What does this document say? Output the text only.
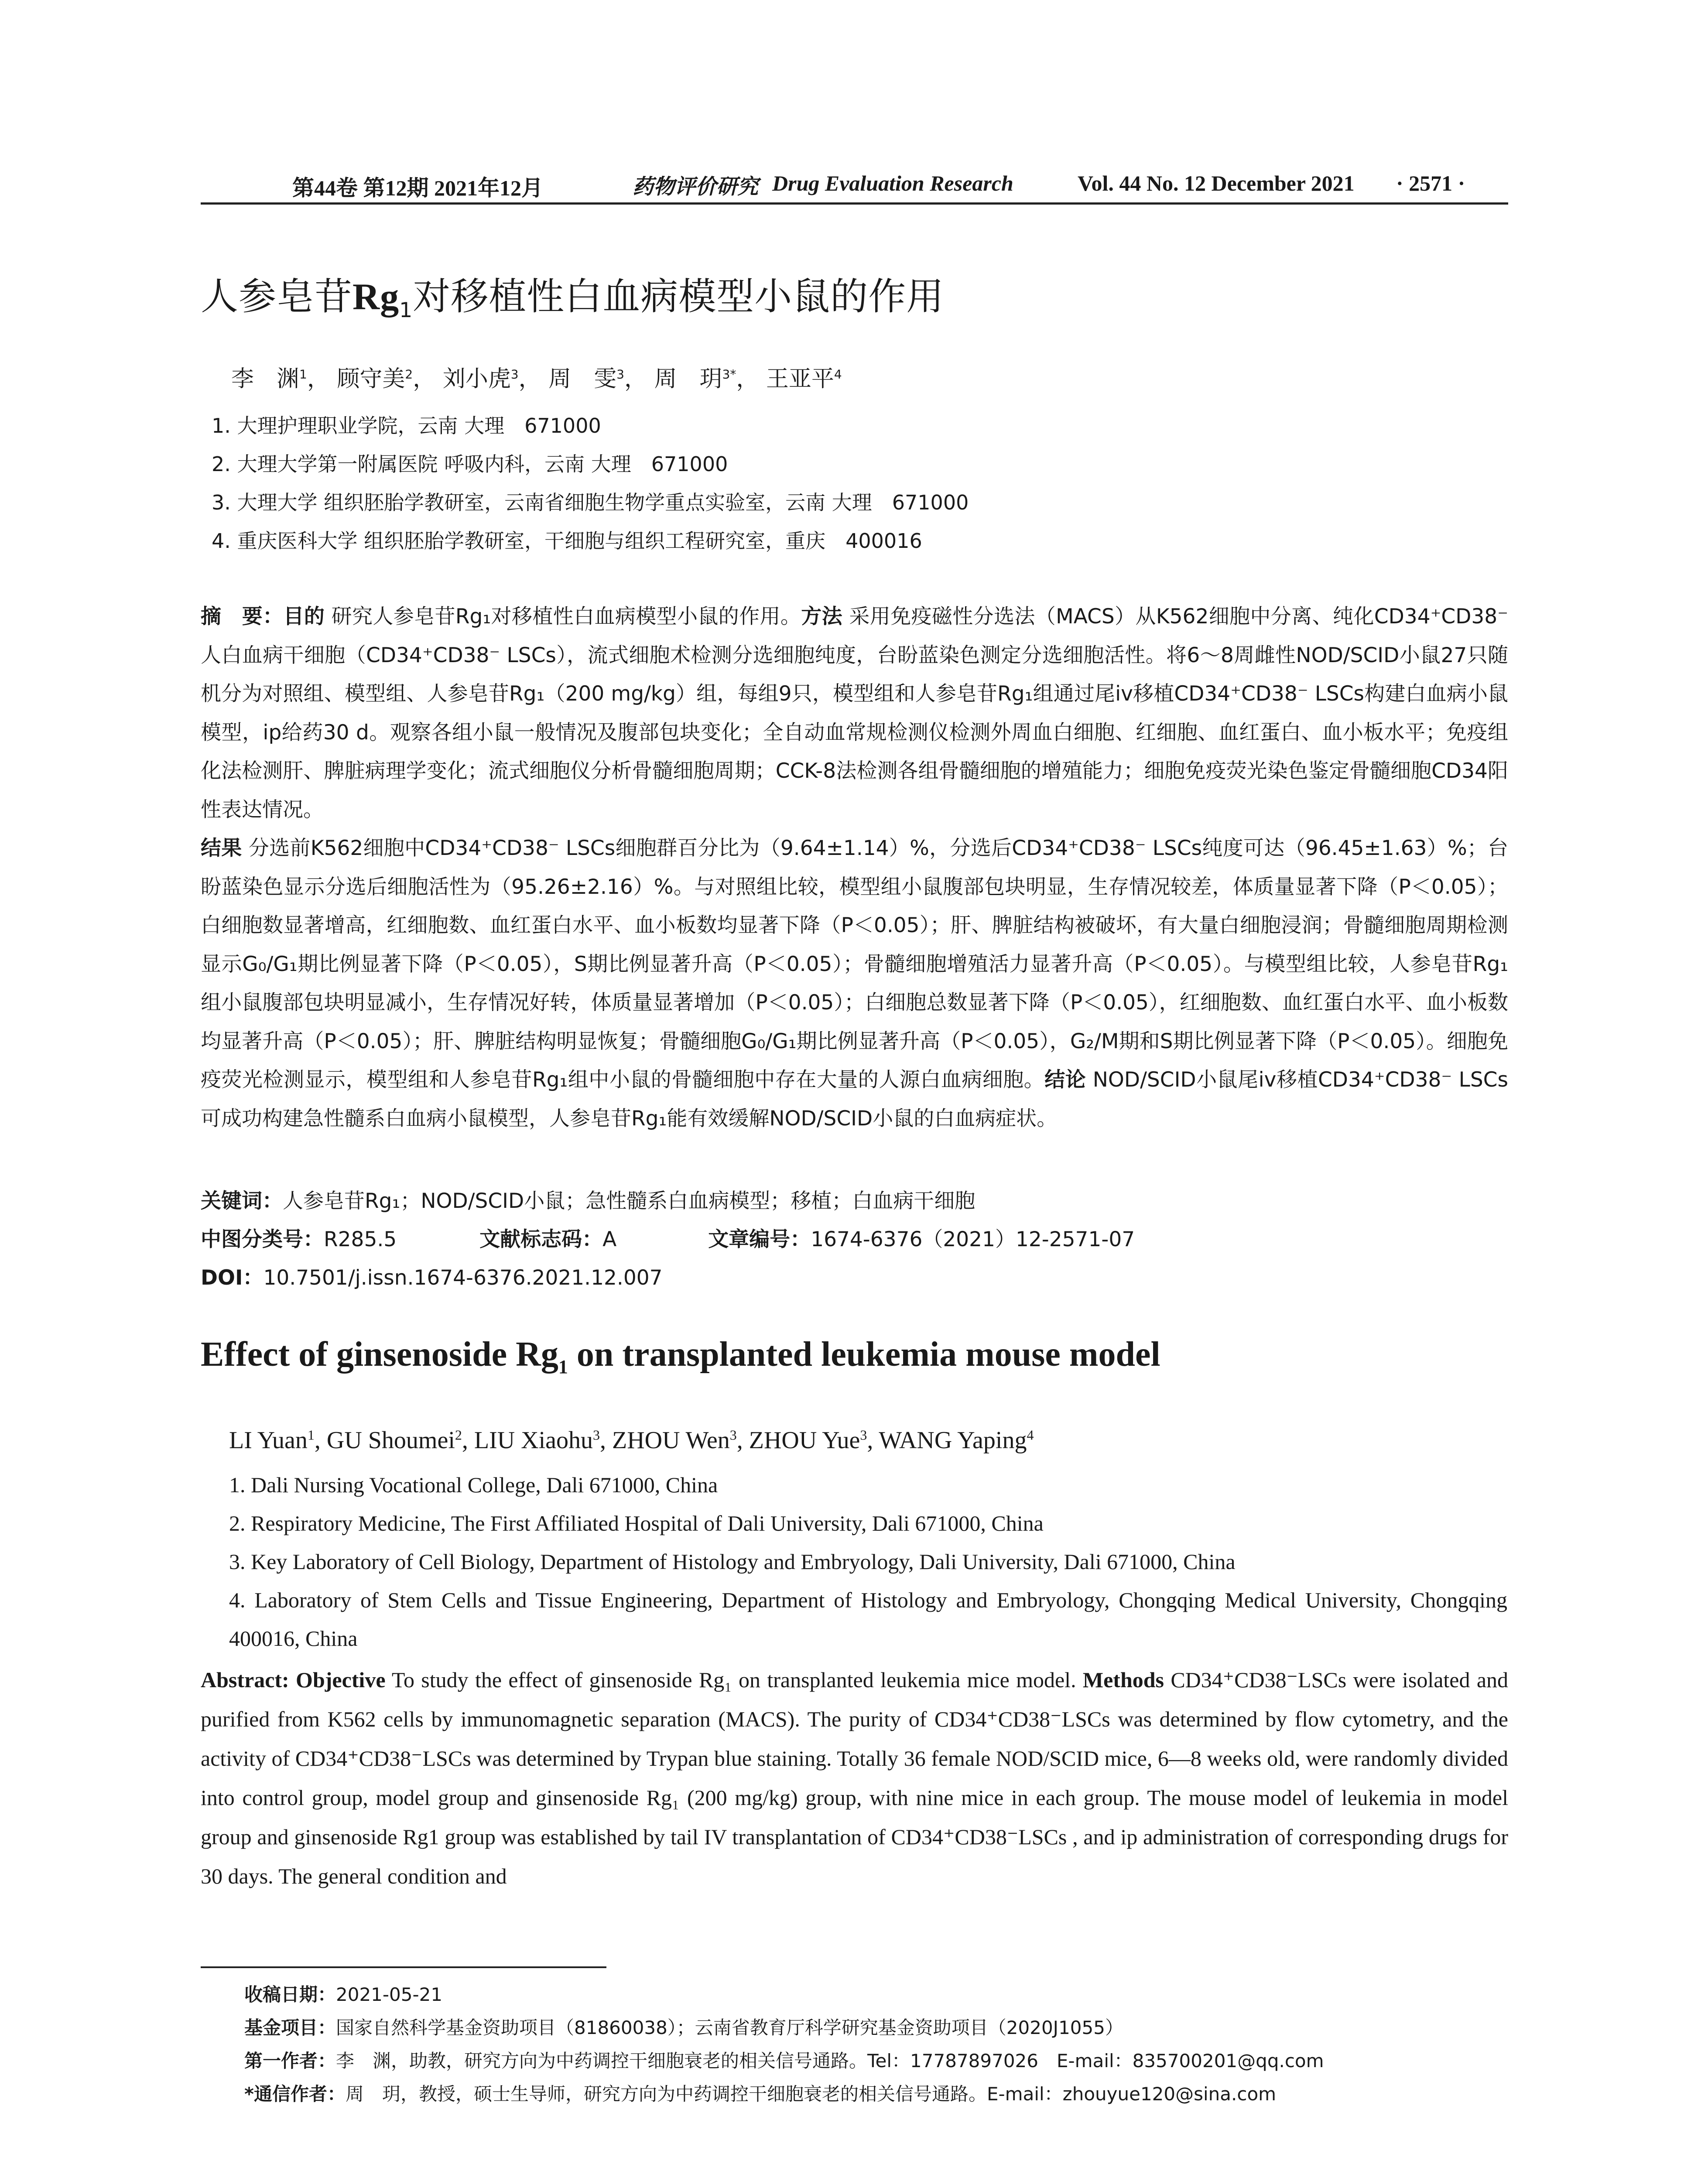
第44卷 第12期 2021年12月	药物评价研究 Drug Evaluation Research	Vol. 44 No. 12 December 2021 · 2571 ·
人参皂苷$Rg_1$对移植性白血病模型小鼠的作用
李　渊$^1$， 顾守美$^2$， 刘小虎$^3$， 周　雯$^3$， 周　玥$^{3*}$， 王亚平$^4$
1. 大理护理职业学院，云南 大理　671000
2. 大理大学第一附属医院 呼吸内科，云南 大理　671000
3. 大理大学 组织胚胎学教研室，云南省细胞生物学重点实验室，云南 大理　671000
4. 重庆医科大学 组织胚胎学教研室，干细胞与组织工程研究室，重庆　400016
摘　要：目的 研究人参皂苷Rg₁对移植性白血病模型小鼠的作用。方法 采用免疫磁性分选法（MACS）从K562细胞中分离、纯化CD34⁺CD38⁻人白血病干细胞（CD34⁺CD38⁻ LSCs），流式细胞术检测分选细胞纯度，台盼蓝染色测定分选细胞活性。将6～8周雌性NOD/SCID小鼠27只随机分为对照组、模型组、人参皂苷Rg₁（200 mg/kg）组，每组9只，模型组和人参皂苷Rg₁组通过尾iv移植CD34⁺CD38⁻ LSCs构建白血病小鼠模型，ip给药30 d。观察各组小鼠一般情况及腹部包块变化；全自动血常规检测仪检测外周血白细胞、红细胞、血红蛋白、血小板水平；免疫组化法检测肝、脾脏病理学变化；流式细胞仪分析骨髓细胞周期；CCK-8法检测各组骨髓细胞的增殖能力；细胞免疫荧光染色鉴定骨髓细胞CD34阳性表达情况。
结果 分选前K562细胞中CD34⁺CD38⁻ LSCs细胞群百分比为（9.64±1.14）%，分选后CD34⁺CD38⁻ LSCs纯度可达（96.45±1.63）%；台盼蓝染色显示分选后细胞活性为（95.26±2.16）%。与对照组比较，模型组小鼠腹部包块明显，生存情况较差，体质量显著下降（P＜0.05）；白细胞数显著增高，红细胞数、血红蛋白水平、血小板数均显著下降（P＜0.05）；肝、脾脏结构被破坏，有大量白细胞浸润；骨髓细胞周期检测显示G₀/G₁期比例显著下降（P＜0.05），S期比例显著升高（P＜0.05）；骨髓细胞增殖活力显著升高（P＜0.05）。与模型组比较，人参皂苷Rg₁组小鼠腹部包块明显减小，生存情况好转，体质量显著增加（P＜0.05）；白细胞总数显著下降（P＜0.05），红细胞数、血红蛋白水平、血小板数均显著升高（P＜0.05）；肝、脾脏结构明显恢复；骨髓细胞G₀/G₁期比例显著升高（P＜0.05），G₂/M期和S期比例显著下降（P＜0.05）。细胞免疫荧光检测显示，模型组和人参皂苷Rg₁组中小鼠的骨髓细胞中存在大量的人源白血病细胞。结论 NOD/SCID小鼠尾iv移植CD34⁺CD38⁻ LSCs可成功构建急性髓系白血病小鼠模型，人参皂苷Rg₁能有效缓解NOD/SCID小鼠的白血病症状。
关键词：人参皂苷Rg₁；NOD/SCID小鼠；急性髓系白血病模型；移植；白血病干细胞
中图分类号：R285.5	文献标志码：A	文章编号：1674-6376（2021）12-2571-07
DOI：10.7501/j.issn.1674-6376.2021.12.007
Effect of ginsenoside $Rg_1$ on transplanted leukemia mouse model
LI Yuan$^1$, GU Shoumei$^2$, LIU Xiaohu$^3$, ZHOU Wen$^3$, ZHOU Yue$^3$, WANG Yaping$^4$
1. Dali Nursing Vocational College, Dali 671000, China
2. Respiratory Medicine, The First Affiliated Hospital of Dali University, Dali 671000, China
3. Key Laboratory of Cell Biology, Department of Histology and Embryology, Dali University, Dali 671000, China
4. Laboratory of Stem Cells and Tissue Engineering, Department of Histology and Embryology, Chongqing Medical University, Chongqing 400016, China
Abstract: Objective To study the effect of ginsenoside Rg₁ on transplanted leukemia mice model. Methods CD34⁺CD38⁻LSCs were isolated and purified from K562 cells by immunomagnetic separation (MACS). The purity of CD34⁺CD38⁻LSCs was determined by flow cytometry, and the activity of CD34⁺CD38⁻LSCs was determined by Trypan blue staining. Totally 36 female NOD/SCID mice, 6—8 weeks old, were randomly divided into control group, model group and ginsenoside Rg₁ (200 mg/kg) group, with nine mice in each group. The mouse model of leukemia in model group and ginsenoside Rg1 group was established by tail IV transplantation of CD34⁺CD38⁻LSCs , and ip administration of corresponding drugs for 30 days. The general condition and
收稿日期：2021-05-21
基金项目：国家自然科学基金资助项目（81860038）；云南省教育厅科学研究基金资助项目（2020J1055）
第一作者：李　渊，助教，研究方向为中药调控干细胞衰老的相关信号通路。Tel：17787897026　E-mail：835700201@qq.com
*通信作者：周　玥，教授，硕士生导师，研究方向为中药调控干细胞衰老的相关信号通路。E-mail：zhouyue120@sina.com
